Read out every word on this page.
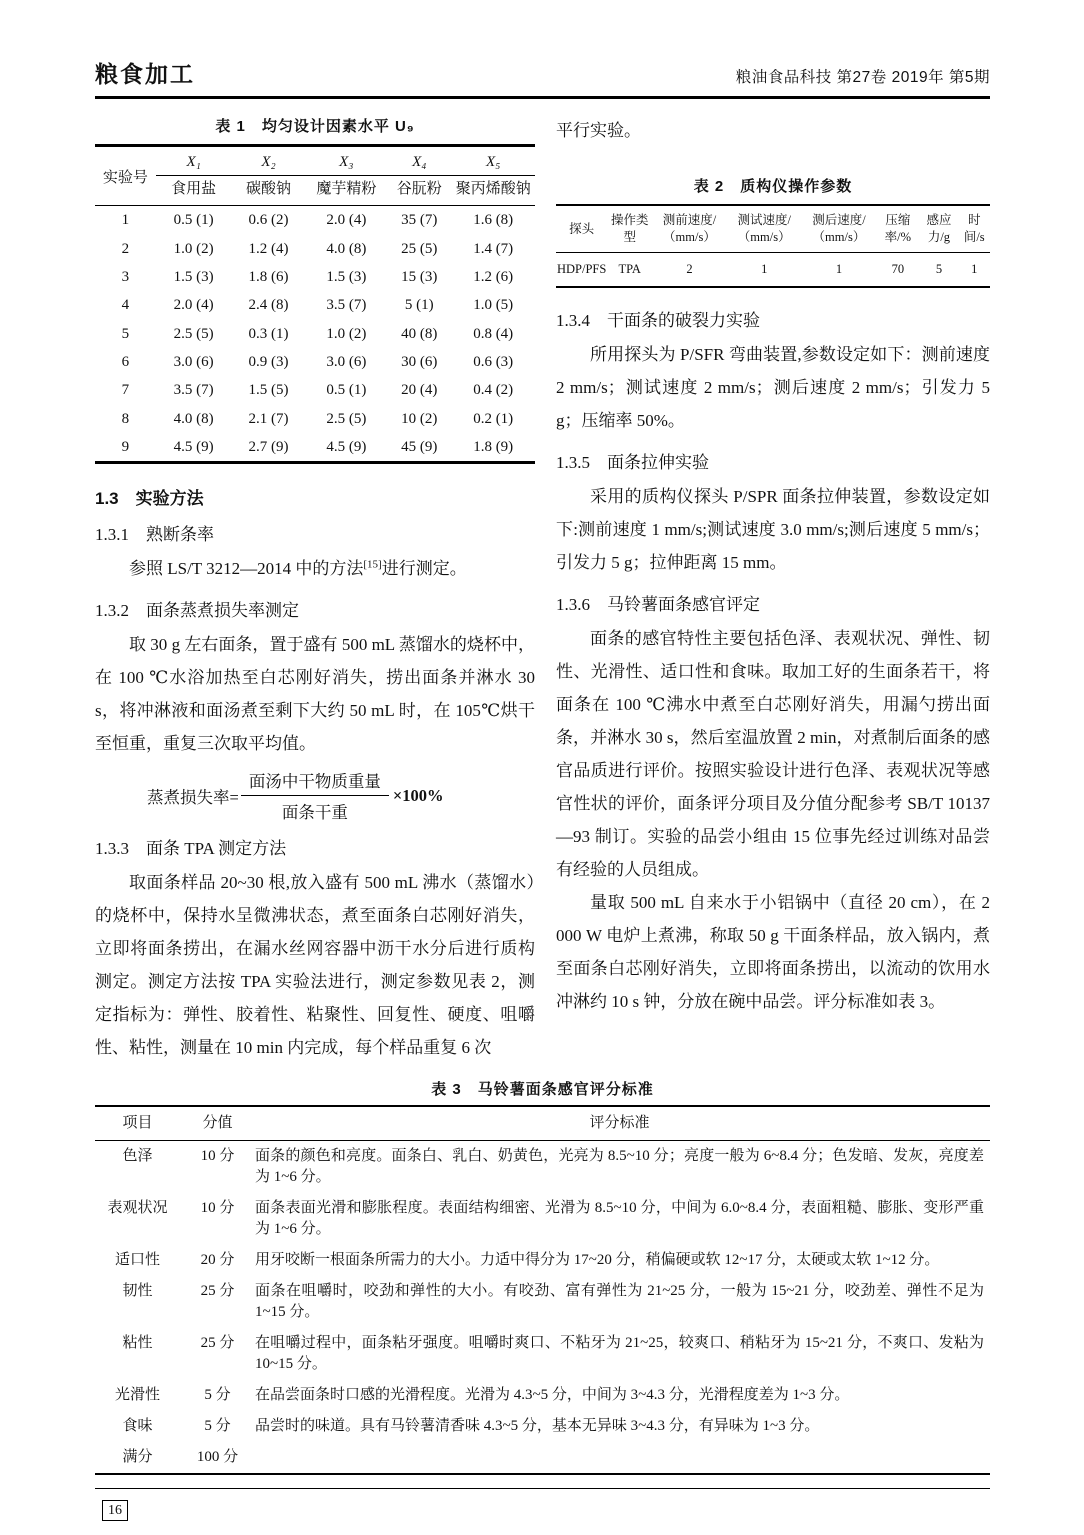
粮食加工	粮油食品科技 第27卷 2019年 第5期
表 1　均匀设计因素水平 U₉
实验号	X₁	X₂	X₃	X₄	X₅
	食用盐	碳酸钠	魔芋精粉	谷朊粉	聚丙烯酸钠
1	0.5 (1)	0.6 (2)	2.0 (4)	35 (7)	1.6 (8)
2	1.0 (2)	1.2 (4)	4.0 (8)	25 (5)	1.4 (7)
3	1.5 (3)	1.8 (6)	1.5 (3)	15 (3)	1.2 (6)
4	2.0 (4)	2.4 (8)	3.5 (7)	5 (1)	1.0 (5)
5	2.5 (5)	0.3 (1)	1.0 (2)	40 (8)	0.8 (4)
6	3.0 (6)	0.9 (3)	3.0 (6)	30 (6)	0.6 (3)
7	3.5 (7)	1.5 (5)	0.5 (1)	20 (4)	0.4 (2)
8	4.0 (8)	2.1 (7)	2.5 (5)	10 (2)	0.2 (1)
9	4.5 (9)	2.7 (9)	4.5 (9)	45 (9)	1.8 (9)
1.3 实验方法
1.3.1 熟断条率

参照 LS/T 3212—2014 中的方法[15]进行测定。

1.3.2 面条蒸煮损失率测定

取 30 g 左右面条，置于盛有 500 mL 蒸馏水的烧杯中，在 100 ℃水浴加热至白芯刚好消失，捞出面条并淋水 30 s，将冲淋液和面汤煮至剩下大约 50 mL 时，在 105℃烘干至恒重，重复三次取平均值。

蒸煮损失率= $\frac{\text{面汤中干物质重量}}{\text{面条干重}} \times 100\%$
1.3.3 面条 TPA 测定方法

取面条样品 20~30 根,放入盛有 500 mL 沸水（蒸馏水）的烧杯中，保持水呈微沸状态，煮至面条白芯刚好消失，立即将面条捞出，在漏水丝网容器中沥干水分后进行质构测定。测定方法按 TPA 实验法进行，测定参数见表 2，测定指标为：弹性、胶着性、粘聚性、回复性、硬度、咀嚼性、粘性，测量在 10 min 内完成，每个样品重复 6 次

平行实验。

表 2　质构仪操作参数
探头	操作类型	测前速度/（mm/s）	测试速度/（mm/s）	测后速度/（mm/s）	压缩率/%	感应力/g	时间/s
HDP/PFS	TPA	2	1	1	70	5	1
1.3.4 干面条的破裂力实验

所用探头为 P/SFR 弯曲装置,参数设定如下：测前速度 2 mm/s；测试速度 2 mm/s；测后速度 2 mm/s；引发力 5 g；压缩率 50%。

1.3.5 面条拉伸实验

采用的质构仪探头 P/SPR 面条拉伸装置，参数设定如下:测前速度 1 mm/s;测试速度 3.0 mm/s;测后速度 5 mm/s；引发力 5 g；拉伸距离 15 mm。

1.3.6 马铃薯面条感官评定

面条的感官特性主要包括色泽、表观状况、弹性、韧性、光滑性、适口性和食味。取加工好的生面条若干，将面条在 100 ℃沸水中煮至白芯刚好消失，用漏勺捞出面条，并淋水 30 s，然后室温放置 2 min，对煮制后面条的感官品质进行评价。按照实验设计进行色泽、表观状况等感官性状的评价，面条评分项目及分值分配参考 SB/T 10137—93 制订。实验的品尝小组由 15 位事先经过训练对品尝有经验的人员组成。

量取 500 mL 自来水于小铝锅中（直径 20 cm），在 2 000 W 电炉上煮沸，称取 50 g 干面条样品，放入锅内，煮至面条白芯刚好消失，立即将面条捞出，以流动的饮用水冲淋约 10 s 钟，分放在碗中品尝。评分标准如表 3。

表 3　马铃薯面条感官评分标准
项目	分值	评分标准
色泽	10 分	面条的颜色和亮度。面条白、乳白、奶黄色，光亮为 8.5~10 分；亮度一般为 6~8.4 分；色发暗、发灰，亮度差为 1~6 分。
表观状况	10 分	面条表面光滑和膨胀程度。表面结构细密、光滑为 8.5~10 分，中间为 6.0~8.4 分，表面粗糙、膨胀、变形严重为 1~6 分。
适口性	20 分	用牙咬断一根面条所需力的大小。力适中得分为 17~20 分，稍偏硬或软 12~17 分，太硬或太软 1~12 分。
韧性	25 分	面条在咀嚼时，咬劲和弹性的大小。有咬劲、富有弹性为 21~25 分，一般为 15~21 分，咬劲差、弹性不足为 1~15 分。
粘性	25 分	在咀嚼过程中，面条粘牙强度。咀嚼时爽口、不粘牙为 21~25，较爽口、稍粘牙为 15~21 分，不爽口、发粘为 10~15 分。
光滑性	5 分	在品尝面条时口感的光滑程度。光滑为 4.3~5 分，中间为 3~4.3 分，光滑程度差为 1~3 分。
食味	5 分	品尝时的味道。具有马铃薯清香味 4.3~5 分，基本无异味 3~4.3 分，有异味为 1~3 分。
满分	100 分	
16
